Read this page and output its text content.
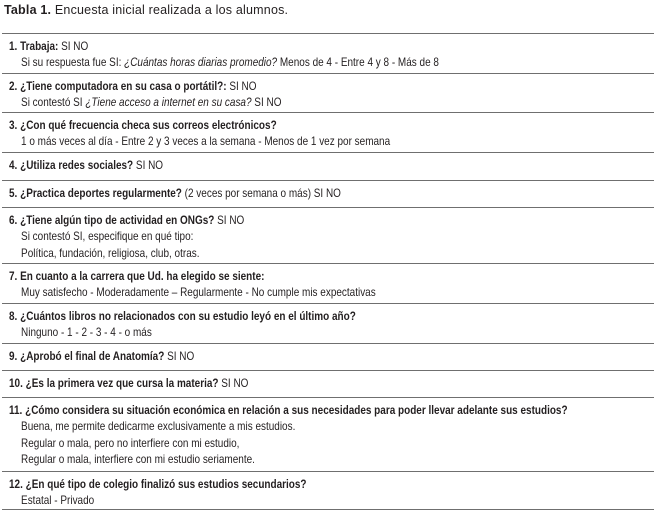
Tabla 1. Encuesta inicial realizada a los alumnos.
1. Trabaja: SI NO
Si su respuesta fue SI: ¿Cuántas horas diarias promedio? Menos de 4 - Entre 4 y 8 - Más de 8
2. ¿Tiene computadora en su casa o portátil?: SI NO
Si contestó SI ¿Tiene acceso a internet en su casa? SI NO
3. ¿Con qué frecuencia checa sus correos electrónicos?
1 o más veces al día - Entre 2 y 3 veces a la semana - Menos de 1 vez por semana
4. ¿Utiliza redes sociales? SI NO
5. ¿Practica deportes regularmente? (2 veces por semana o más) SI NO
6. ¿Tiene algún tipo de actividad en ONGs? SI NO
Si contestó SI, especifique en qué tipo:
Política, fundación, religiosa, club, otras.
7. En cuanto a la carrera que Ud. ha elegido se siente:
Muy satisfecho - Moderadamente – Regularmente - No cumple mis expectativas
8. ¿Cuántos libros no relacionados con su estudio leyó en el último año?
Ninguno - 1 - 2 - 3 - 4 - o más
9. ¿Aprobó el final de Anatomía? SI NO
10. ¿Es la primera vez que cursa la materia? SI NO
11. ¿Cómo considera su situación económica en relación a sus necesidades para poder llevar adelante sus estudios?
Buena, me permite dedicarme exclusivamente a mis estudios.
Regular o mala, pero no interfiere con mi estudio,
Regular o mala, interfiere con mi estudio seriamente.
12. ¿En qué tipo de colegio finalizó sus estudios secundarios?
Estatal - Privado
